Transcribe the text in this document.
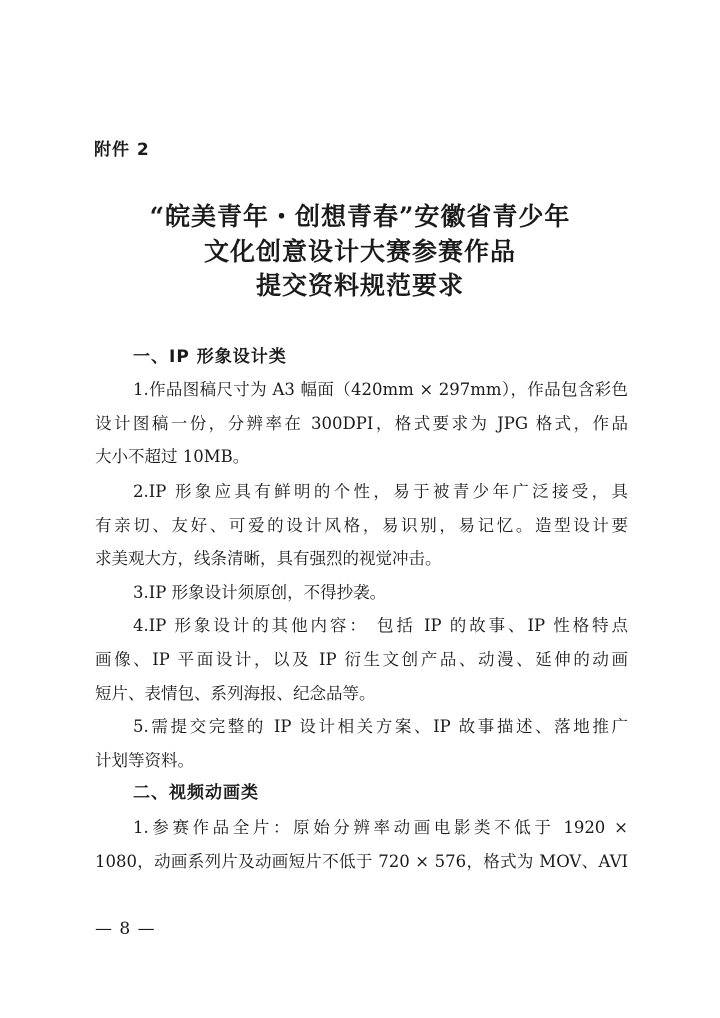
附件 2
“皖美青年・创想青春”安徽省青少年
文化创意设计大赛参赛作品
提交资料规范要求
一、IP 形象设计类
1.作品图稿尺寸为 A3 幅面（420mm × 297mm），作品包含彩色
设计图稿一份，分辨率在 300DPI，格式要求为 JPG 格式，作品
大小不超过 10MB。
2.IP 形象应具有鲜明的个性，易于被青少年广泛接受，具
有亲切、友好、可爱的设计风格，易识别，易记忆。造型设计要
求美观大方，线条清晰，具有强烈的视觉冲击。
3.IP 形象设计须原创，不得抄袭。
4.IP 形象设计的其他内容： 包括 IP 的故事、IP 性格特点
画像、IP 平面设计，以及 IP 衍生文创产品、动漫、延伸的动画
短片、表情包、系列海报、纪念品等。
5.需提交完整的 IP 设计相关方案、IP 故事描述、落地推广
计划等资料。
二、视频动画类
1.参赛作品全片：原始分辨率动画电影类不低于 1920 ×
1080，动画系列片及动画短片不低于 720 × 576，格式为 MOV、AVI
— 8 —
